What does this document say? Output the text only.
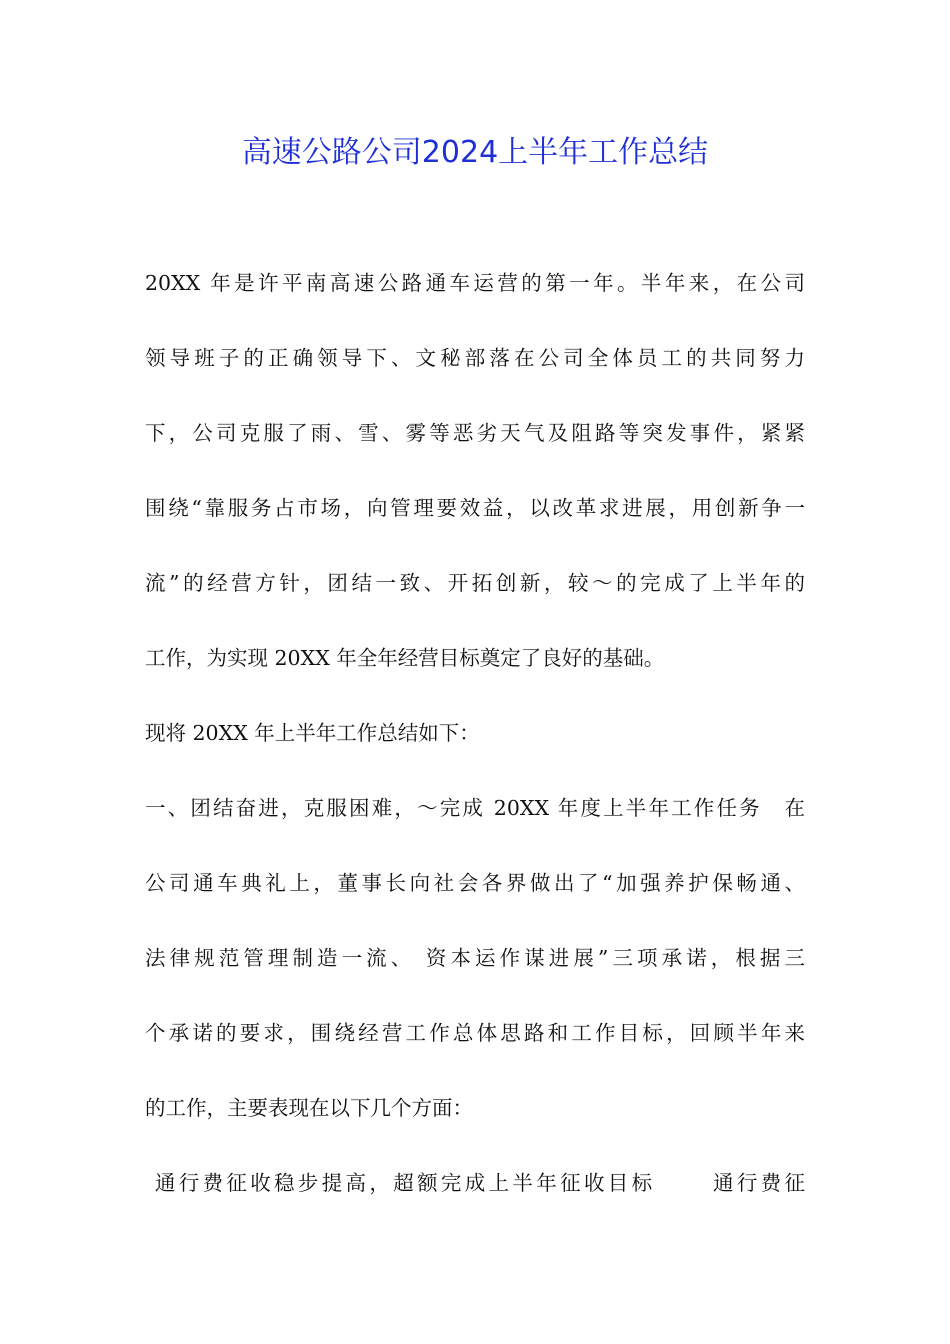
高速公路公司2024上半年工作总结
20XX 年是许平南高速公路通车运营的第一年。半年来，在公司
领导班子的正确领导下、文秘部落在公司全体员工的共同努力
下，公司克服了雨、雪、雾等恶劣天气及阻路等突发事件，紧紧
围绕“靠服务占市场，向管理要效益，以改革求进展，用创新争一
流”的经营方针，团结一致、开拓创新，较～的完成了上半年的
工作，为实现 20XX 年全年经营目标奠定了良好的基础。
现将 20XX 年上半年工作总结如下：
一、团结奋进，克服困难，～完成 20XX 年度上半年工作任务　在
公司通车典礼上，董事长向社会各界做出了“加强养护保畅通、
法律规范管理制造一流、 资本运作谋进展”三项承诺，根据三
个承诺的要求，围绕经营工作总体思路和工作目标，回顾半年来
的工作，主要表现在以下几个方面：
通行费征收稳步提高，超额完成上半年征收目标　　 通行费征
